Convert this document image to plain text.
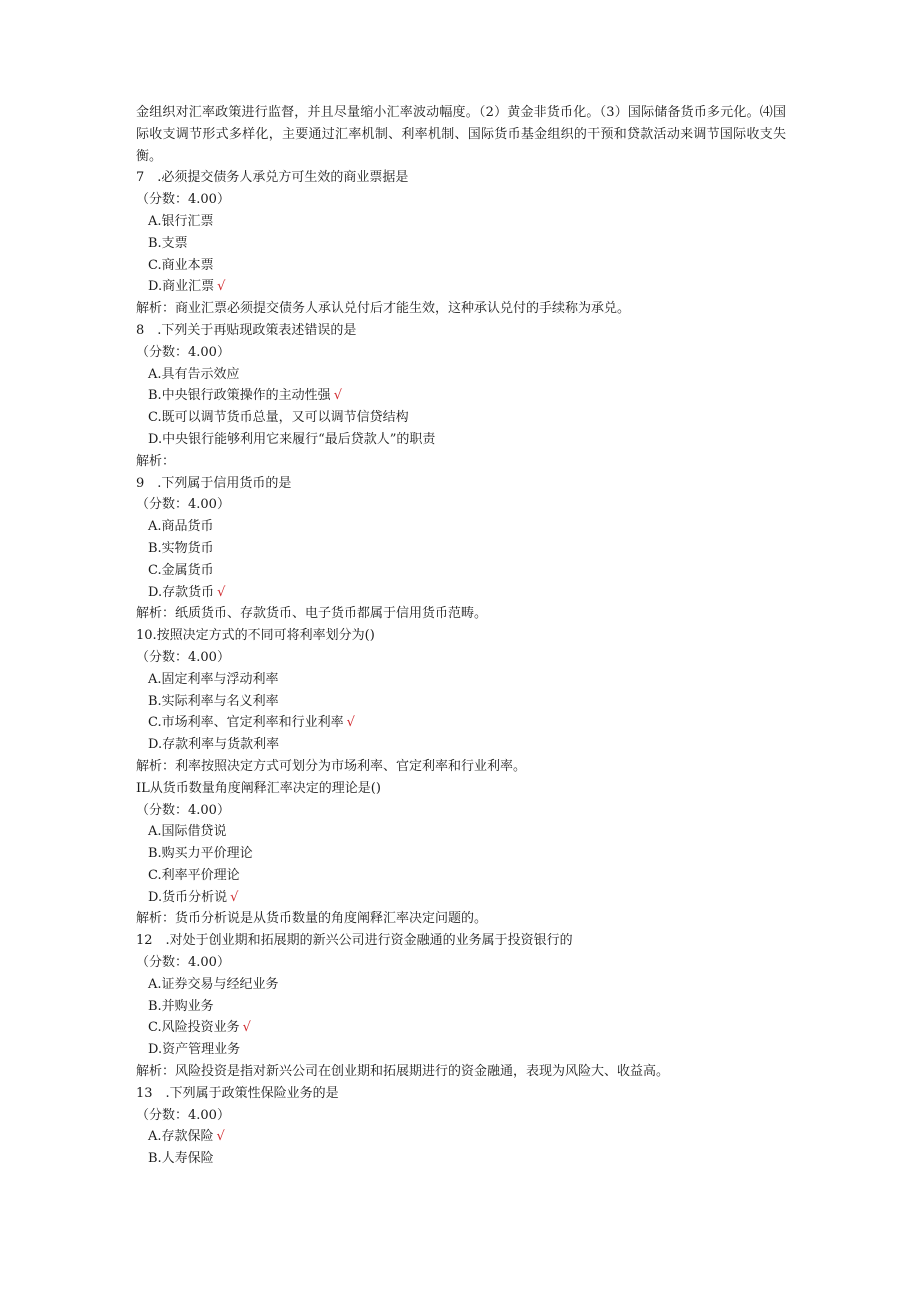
金组织对汇率政策进行监督，并且尽量缩小汇率波动幅度。（2）黄金非货币化。（3）国际储备货币多元化。⑷国际收支调节形式多样化，主要通过汇率机制、利率机制、国际货币基金组织的干预和贷款活动来调节国际收支失衡。
7　.必须提交债务人承兑方可生效的商业票据是
（分数：4.00）
A.银行汇票
B.支票
C.商业本票
D.商业汇票 √
解析：商业汇票必须提交债务人承认兑付后才能生效，这种承认兑付的手续称为承兑。
8　.下列关于再贴现政策表述错误的是
（分数：4.00）
A.具有告示效应
B.中央银行政策操作的主动性强 √
C.既可以调节货币总量，又可以调节信贷结构
D.中央银行能够利用它来履行“最后贷款人”的职责
解析：
9　.下列属于信用货币的是
（分数：4.00）
A.商品货币
B.实物货币
C.金属货币
D.存款货币 √
解析：纸质货币、存款货币、电子货币都属于信用货币范畴。
10.按照决定方式的不同可将利率划分为()
（分数：4.00）
A.固定利率与浮动利率
B.实际利率与名义利率
C.市场利率、官定利率和行业利率 √
D.存款利率与货款利率
解析：利率按照决定方式可划分为市场利率、官定利率和行业利率。
IL从货币数量角度阐释汇率决定的理论是()
（分数：4.00）
A.国际借贷说
B.购买力平价理论
C.利率平价理论
D.货币分析说 √
解析：货币分析说是从货币数量的角度阐释汇率决定问题的。
12　.对处于创业期和拓展期的新兴公司进行资金融通的业务属于投资银行的
（分数：4.00）
A.证券交易与经纪业务
B.并购业务
C.风险投资业务 √
D.资产管理业务
解析：风险投资是指对新兴公司在创业期和拓展期进行的资金融通，表现为风险大、收益高。
13　.下列属于政策性保险业务的是
（分数：4.00）
A.存款保险 √
B.人寿保险
